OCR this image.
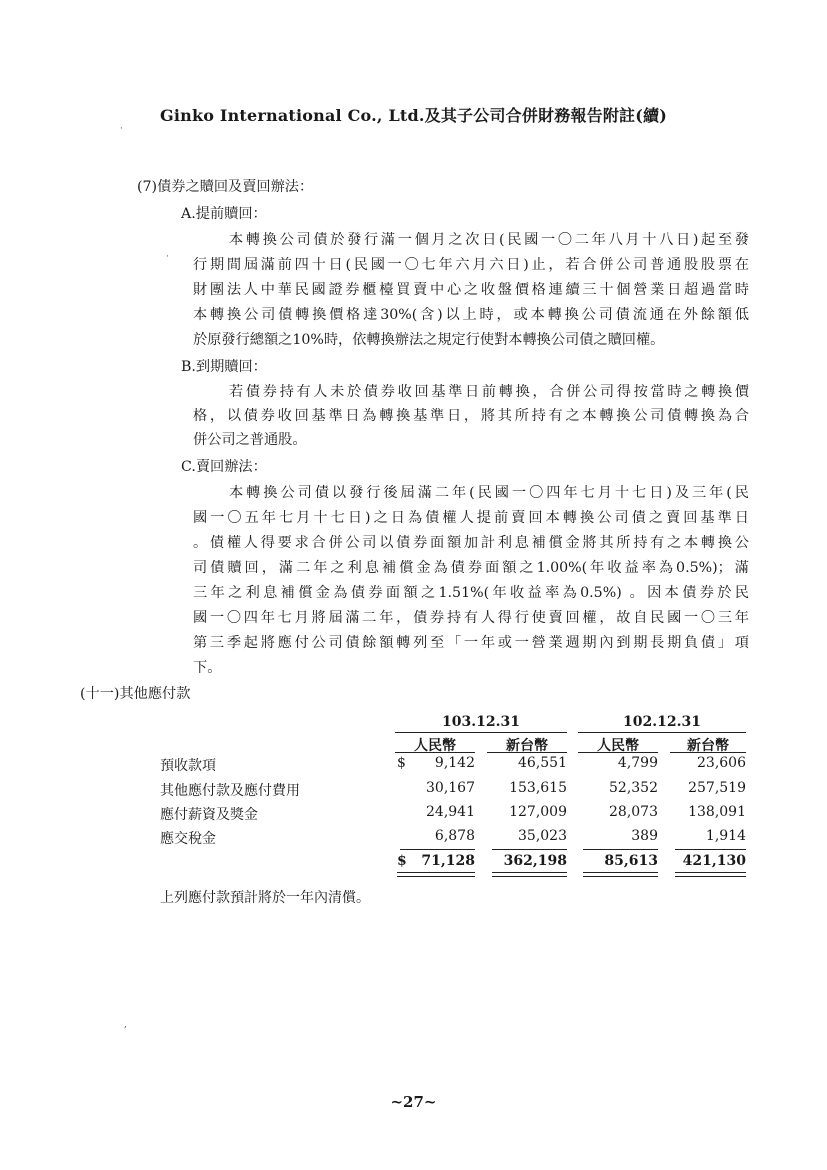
Ginko International Co., Ltd.及其子公司合併財務報告附註(續)
(7)債券之贖回及賣回辦法：
A.提前贖回：
本轉換公司債於發行滿一個月之次日(民國一〇二年八月十八日)起至發
行期間屆滿前四十日(民國一〇七年六月六日)止，若合併公司普通股股票在
財團法人中華民國證券櫃檯買賣中心之收盤價格連續三十個營業日超過當時
本轉換公司債轉換價格達30%(含)以上時，或本轉換公司債流通在外餘額低
於原發行總額之10%時，依轉換辦法之規定行使對本轉換公司債之贖回權。
B.到期贖回：
若債券持有人未於債券收回基準日前轉換，合併公司得按當時之轉換價
格，以債券收回基準日為轉換基準日，將其所持有之本轉換公司債轉換為合
併公司之普通股。
C.賣回辦法：
本轉換公司債以發行後屆滿二年(民國一〇四年七月十七日)及三年(民
國一〇五年七月十七日)之日為債權人提前賣回本轉換公司債之賣回基準日
。債權人得要求合併公司以債券面額加計利息補償金將其所持有之本轉換公
司債贖回，滿二年之利息補償金為債券面額之1.00%(年收益率為0.5%)；滿
三年之利息補償金為債券面額之1.51%(年收益率為0.5%) 。因本債券於民
國一〇四年七月將屆滿二年，債券持有人得行使賣回權，故自民國一〇三年
第三季起將應付公司債餘額轉列至「一年或一營業週期內到期長期負債」項
下。
(十一)其他應付款
103.12.31	102.12.31
人民幣	新台幣	人民幣	新台幣
預收款項	$	9,142	46,551	4,799	23,606
其他應付款及應付費用	30,167	153,615	52,352	257,519
應付薪資及獎金	24,941	127,009	28,073	138,091
應交稅金	6,878	35,023	389	1,914
$	71,128	362,198	85,613	421,130
上列應付款預計將於一年內清償。
~27~
·
·
,
